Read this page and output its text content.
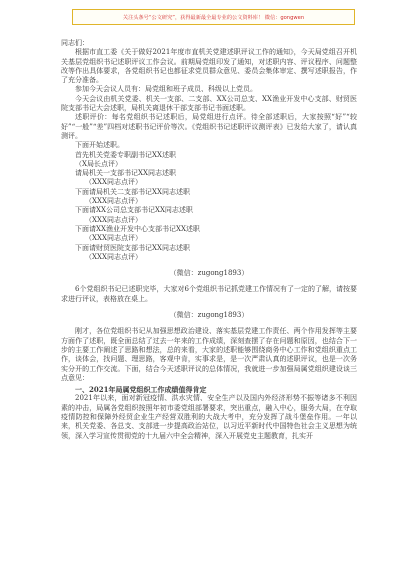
关注头条号“公文研究”，获得最新最全最专业的公文资料库！ 微信：gongwen

同志们：

根据市直工委《关于做好2021年度市直机关党建述职评议工作的通知》，今天局党组召开机关基层党组织书记述职评议工作会议。前期局党组印发了通知，对述职内容、评议程序、问题整改等作出具体要求，各党组织书记也都征求党员群众意见、委员会集体审定、撰写述职报告，作了充分准备。

参加今天会议人员有：局党组和班子成员、科级以上党员。

今天会议由机关党委、机关一支部、二支部、XX公司总支、XX渔业开发中心支部、财贸医院支部书记大会述职，局机关离退休干部支部书记书面述职。

述职评价：每名党组织书记述职后，局党组进行点评。待全部述职后，大家按照“好”“较好”“一般”“差”四档对述职书记评价等次。《党组织书记述职评议测评表》已发给大家了，请认真测评。

下面开始述职。

首先机关党委专职副书记XX述职

（X局长点评）

请局机关一支部书记XX同志述职

（XXX同志点评）

下面请局机关二支部书记XX同志述职

（XXX同志点评）

下面请XX公司总支部书记XX同志述职

（XXX同志点评）

下面请XX渔业开发中心支部书记XX述职

（XXX同志点评）

下面请财贸医院支部书记XX同志述职

（XXX同志点评）

（微信：zugong1893）

6个党组织书记已述职完毕，大家对6个党组织书记抓党建工作情况有了一定的了解，请按要求进行评议，表格放在桌上。

（微信：zugong1893）

刚才，各位党组织书记从加强思想政治建设、落实基层党建工作责任、两个作用发挥等主要方面作了述职，既全面总结了过去一年来的工作成绩，深刻查摆了存在问题和原因，也结合下一步的主要工作阐述了思路和想法，总的来看，大家的述职能够围绕商务中心工作和党组织重点工作，谈体会，找问题、理思路，客观中肯，实事求是，是一次严肃认真的述职评议，也是一次务实分开的工作交流。下面，结合今天述职评议的总体情况，我就进一步加强局属党组织建设谈三点意见：

一、2021年局属党组织工作成绩值得肯定

2021年以来，面对新冠疫情、洪水灾情、安全生产以及国内外经济形势不振等诸多不利因素的冲击，局属各党组织按照年初市委党组部署要求，突出重点，融入中心，服务大局，在夺取疫情防控和保障外经贸企业生产经营双胜利的大战大考中，充分发挥了战斗堡垒作用。一年以来，机关党委、各总支、支部进一步提高政治站位，以习近平新时代中国特色社会主义思想为统领，深入学习宣传贯彻党的十九届六中全会精神，深入开展党史主题教育，扎实开
